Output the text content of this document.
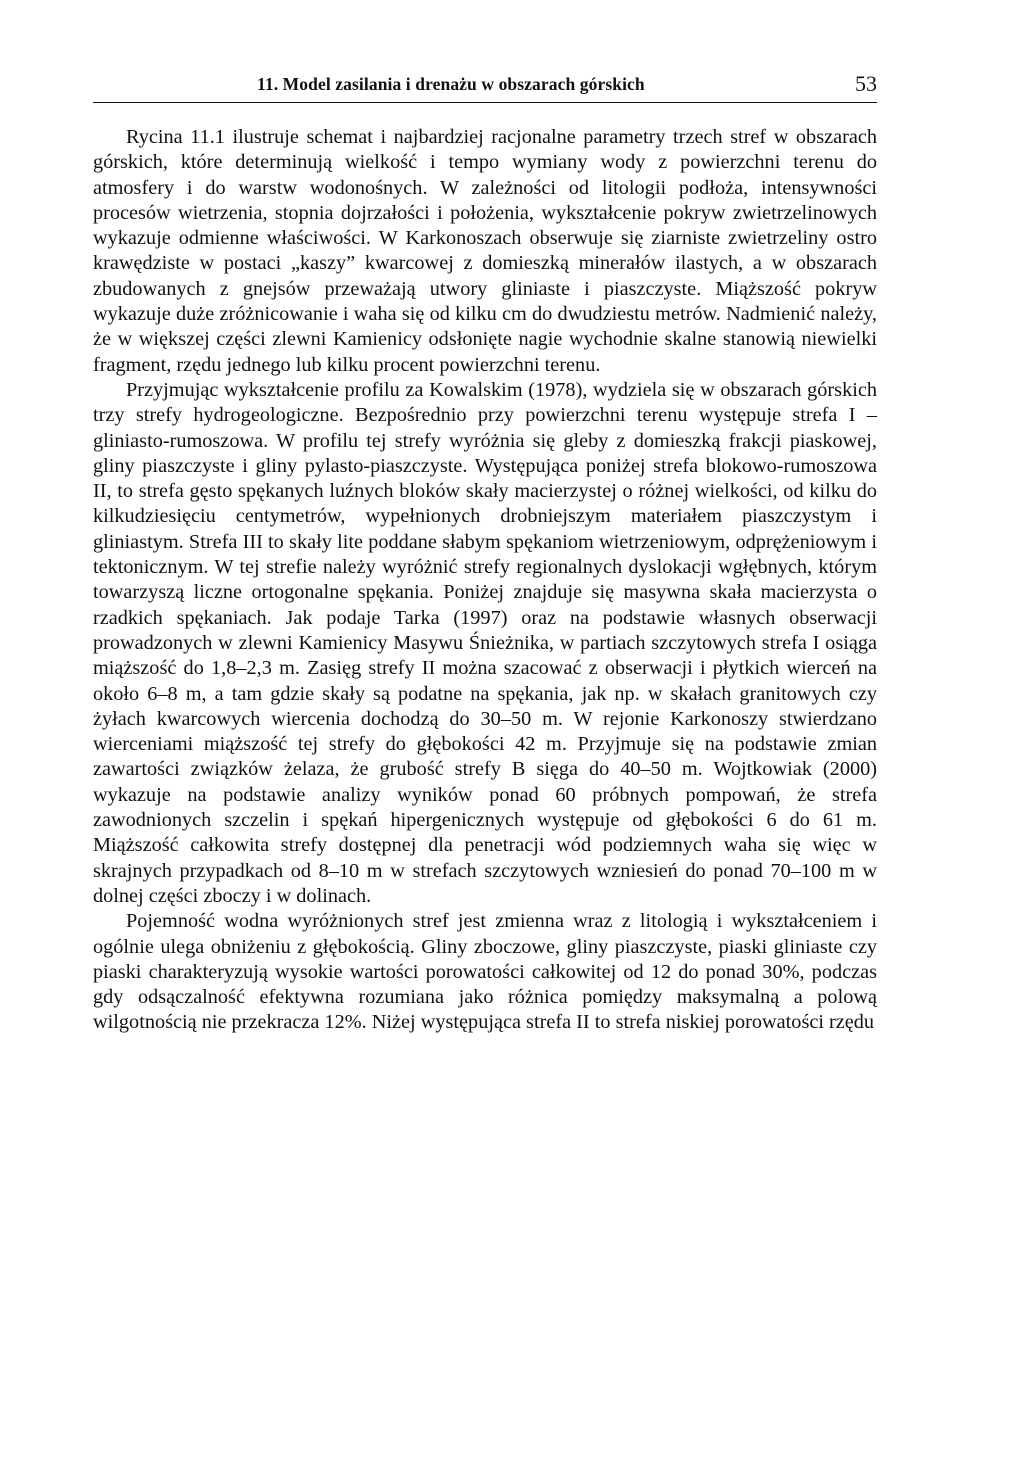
11. Model zasilania i drenażu w obszarach górskich	53

Rycina 11.1 ilustruje schemat i najbardziej racjonalne parametry trzech stref w obszarach górskich, które determinują wielkość i tempo wymiany wody z powierzchni terenu do atmosfery i do warstw wodonośnych. W zależności od litologii podłoża, intensywności procesów wietrzenia, stopnia dojrzałości i położenia, wykształcenie pokryw zwietrzelinowych wykazuje odmienne właściwości. W Karkonoszach obserwuje się ziarniste zwietrzeliny ostro krawędziste w postaci „kaszy” kwarcowej z domieszką minerałów ilastych, a w obszarach zbudowanych z gnejsów przeważają utwory gliniaste i piaszczyste. Miąższość pokryw wykazuje duże zróżnicowanie i waha się od kilku cm do dwudziestu metrów. Nadmienić należy, że w większej części zlewni Kamienicy odsłonięte nagie wychodnie skalne stanowią niewielki fragment, rzędu jednego lub kilku procent powierzchni terenu.

Przyjmując wykształcenie profilu za Kowalskim (1978), wydziela się w obszarach górskich trzy strefy hydrogeologiczne. Bezpośrednio przy powierzchni terenu występuje strefa I – gliniasto-rumoszowa. W profilu tej strefy wyróżnia się gleby z domieszką frakcji piaskowej, gliny piaszczyste i gliny pylasto-piaszczyste. Występująca poniżej strefa blokowo-rumoszowa II, to strefa gęsto spękanych luźnych bloków skały macierzystej o różnej wielkości, od kilku do kilkudziesięciu centymetrów, wypełnionych drobniejszym materiałem piaszczystym i gliniastym. Strefa III to skały lite poddane słabym spękaniom wietrzeniowym, odprężeniowym i tektonicznym. W tej strefie należy wyróżnić strefy regionalnych dyslokacji wgłębnych, którym towarzyszą liczne ortogonalne spękania. Poniżej znajduje się masywna skała macierzysta o rzadkich spękaniach. Jak podaje Tarka (1997) oraz na podstawie własnych obserwacji prowadzonych w zlewni Kamienicy Masywu Śnieżnika, w partiach szczytowych strefa I osiąga miąższość do 1,8–2,3 m. Zasięg strefy II można szacować z obserwacji i płytkich wierceń na około 6–8 m, a tam gdzie skały są podatne na spękania, jak np. w skałach granitowych czy żyłach kwarcowych wiercenia dochodzą do 30–50 m. W rejonie Karkonoszy stwierdzano wierceniami miąższość tej strefy do głębokości 42 m. Przyjmuje się na podstawie zmian zawartości związków żelaza, że grubość strefy B sięga do 40–50 m. Wojtkowiak (2000) wykazuje na podstawie analizy wyników ponad 60 próbnych pompowań, że strefa zawodnionych szczelin i spękań hipergenicznych występuje od głębokości 6 do 61 m. Miąższość całkowita strefy dostępnej dla penetracji wód podziemnych waha się więc w skrajnych przypadkach od 8–10 m w strefach szczytowych wzniesień do ponad 70–100 m w dolnej części zboczy i w dolinach.

Pojemność wodna wyróżnionych stref jest zmienna wraz z litologią i wykształceniem i ogólnie ulega obniżeniu z głębokością. Gliny zboczowe, gliny piaszczyste, piaski gliniaste czy piaski charakteryzują wysokie wartości porowatości całkowitej od 12 do ponad 30%, podczas gdy odsączalność efektywna rozumiana jako różnica pomiędzy maksymalną a polową wilgotnością nie przekracza 12%. Niżej występująca strefa II to strefa niskiej porowatości rzędu
